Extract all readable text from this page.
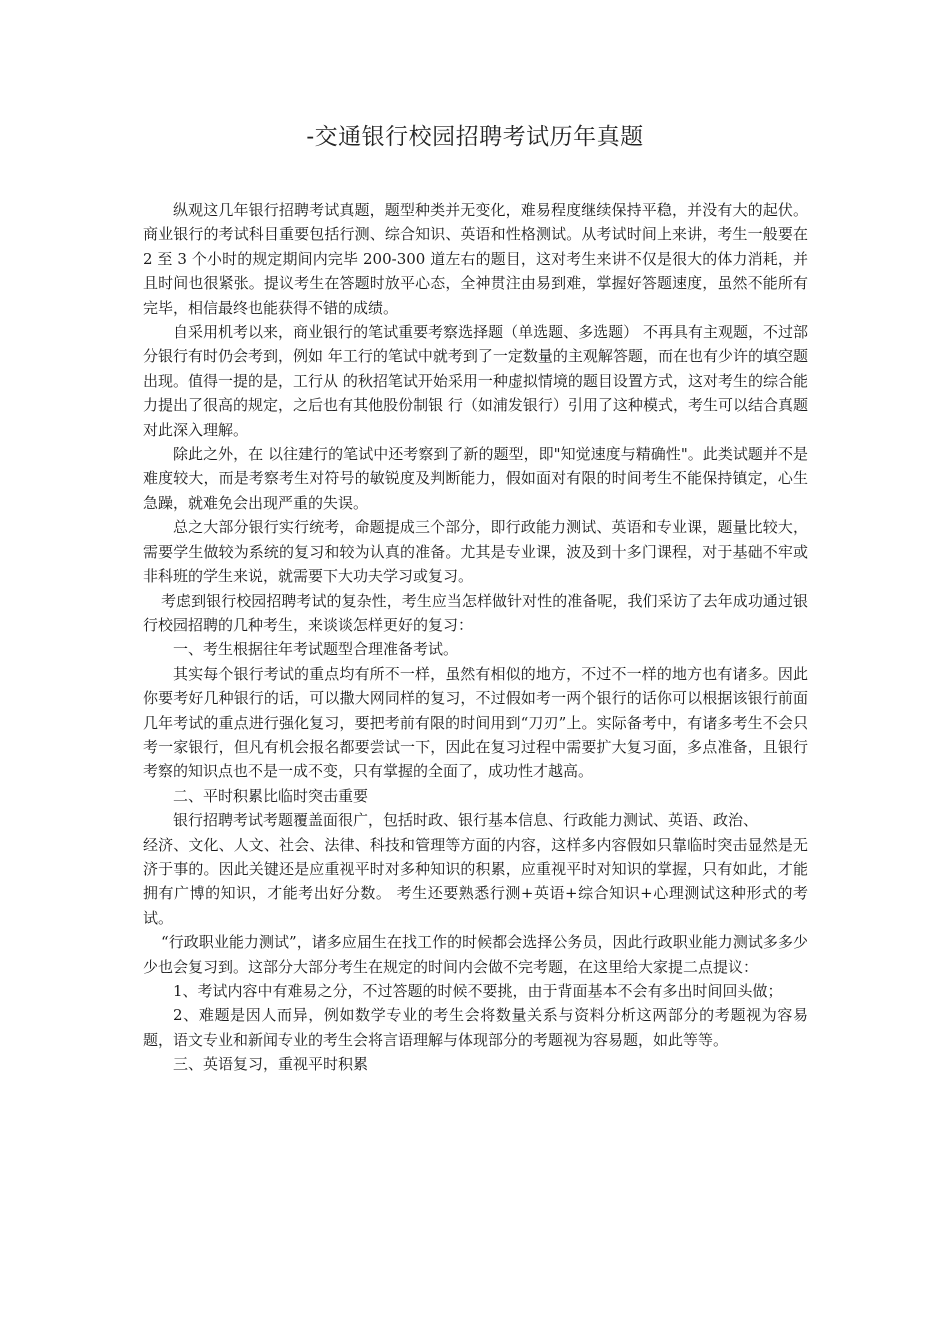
-交通银行校园招聘考试历年真题

纵观这几年银行招聘考试真题，题型种类并无变化，难易程度继续保持平稳，并没有大的起伏。商业银行的考试科目重要包括行测、综合知识、英语和性格测试。从考试时间上来讲，考生一般要在 2 至 3 个小时的规定期间内完毕 200-300 道左右的题目，这对考生来讲不仅是很大的体力消耗，并且时间也很紧张。提议考生在答题时放平心态，全神贯注由易到难，掌握好答题速度，虽然不能所有完毕，相信最终也能获得不错的成绩。

自采用机考以来，商业银行的笔试重要考察选择题（单选题、多选题） 不再具有主观题，不过部分银行有时仍会考到，例如 年工行的笔试中就考到了一定数量的主观解答题，而在也有少许的填空题出现。值得一提的是，工行从 的秋招笔试开始采用一种虚拟情境的题目设置方式，这对考生的综合能力提出了很高的规定，之后也有其他股份制银 行（如浦发银行）引用了这种模式，考生可以结合真题对此深入理解。

除此之外，在 以往建行的笔试中还考察到了新的题型，即"知觉速度与精确性"。此类试题并不是难度较大，而是考察考生对符号的敏锐度及判断能力，假如面对有限的时间考生不能保持镇定，心生急躁，就难免会出现严重的失误。

总之大部分银行实行统考，命题提成三个部分，即行政能力测试、英语和专业课，题量比较大，需要学生做较为系统的复习和较为认真的准备。尤其是专业课，波及到十多门课程，对于基础不牢或非科班的学生来说，就需要下大功夫学习或复习。

考虑到银行校园招聘考试的复杂性，考生应当怎样做针对性的准备呢，我们采访了去年成功通过银行校园招聘的几种考生，来谈谈怎样更好的复习：

一、考生根据往年考试题型合理准备考试。

其实每个银行考试的重点均有所不一样，虽然有相似的地方，不过不一样的地方也有诸多。因此你要考好几种银行的话，可以撒大网同样的复习，不过假如考一两个银行的话你可以根据该银行前面几年考试的重点进行强化复习，要把考前有限的时间用到“刀刃”上。实际备考中，有诸多考生不会只考一家银行，但凡有机会报名都要尝试一下，因此在复习过程中需要扩大复习面，多点准备，且银行考察的知识点也不是一成不变，只有掌握的全面了，成功性才越高。

二、平时积累比临时突击重要

银行招聘考试考题覆盖面很广，包括时政、银行基本信息、行政能力测试、英语、政治、

经济、文化、人文、社会、法律、科技和管理等方面的内容，这样多内容假如只靠临时突击显然是无济于事的。因此关键还是应重视平时对多种知识的积累，应重视平时对知识的掌握，只有如此，才能拥有广博的知识，才能考出好分数。 考生还要熟悉行测+英语+综合知识+心理测试这种形式的考试。

“行政职业能力测试”，诸多应届生在找工作的时候都会选择公务员，因此行政职业能力测试多多少少也会复习到。这部分大部分考生在规定的时间内会做不完考题，在这里给大家提二点提议：

1、考试内容中有难易之分，不过答题的时候不要挑，由于背面基本不会有多出时间回头做；

2、难题是因人而异，例如数学专业的考生会将数量关系与资料分析这两部分的考题视为容易题，语文专业和新闻专业的考生会将言语理解与体现部分的考题视为容易题，如此等等。

三、英语复习，重视平时积累
